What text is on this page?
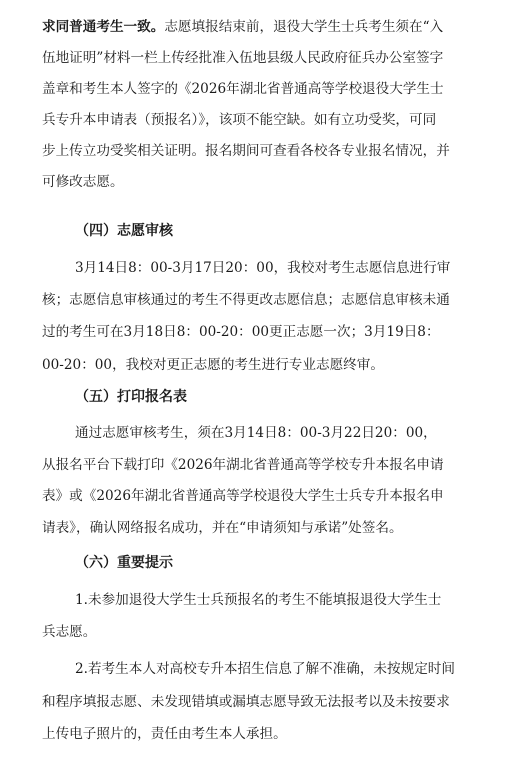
求同普通考生一致。志愿填报结束前，退役大学生士兵考生须在“入
伍地证明”材料一栏上传经批准入伍地县级人民政府征兵办公室签字
盖章和考生本人签字的《2026年湖北省普通高等学校退役大学生士
兵专升本申请表（预报名）》，该项不能空缺。如有立功受奖，可同
步上传立功受奖相关证明。报名期间可查看各校各专业报名情况，并
可修改志愿。
（四）志愿审核
3月14日8：00-3月17日20：00，我校对考生志愿信息进行审
核；志愿信息审核通过的考生不得更改志愿信息；志愿信息审核未通
过的考生可在3月18日8：00-20：00更正志愿一次；3月19日8：
00-20：00，我校对更正志愿的考生进行专业志愿终审。
（五）打印报名表
通过志愿审核考生，须在3月14日8：00-3月22日20：00，
从报名平台下载打印《2026年湖北省普通高等学校专升本报名申请
表》或《2026年湖北省普通高等学校退役大学生士兵专升本报名申
请表》，确认网络报名成功，并在“申请须知与承诺”处签名。
（六）重要提示
1.未参加退役大学生士兵预报名的考生不能填报退役大学生士
兵志愿。
2.若考生本人对高校专升本招生信息了解不准确，未按规定时间
和程序填报志愿、未发现错填或漏填志愿导致无法报考以及未按要求
上传电子照片的，责任由考生本人承担。
